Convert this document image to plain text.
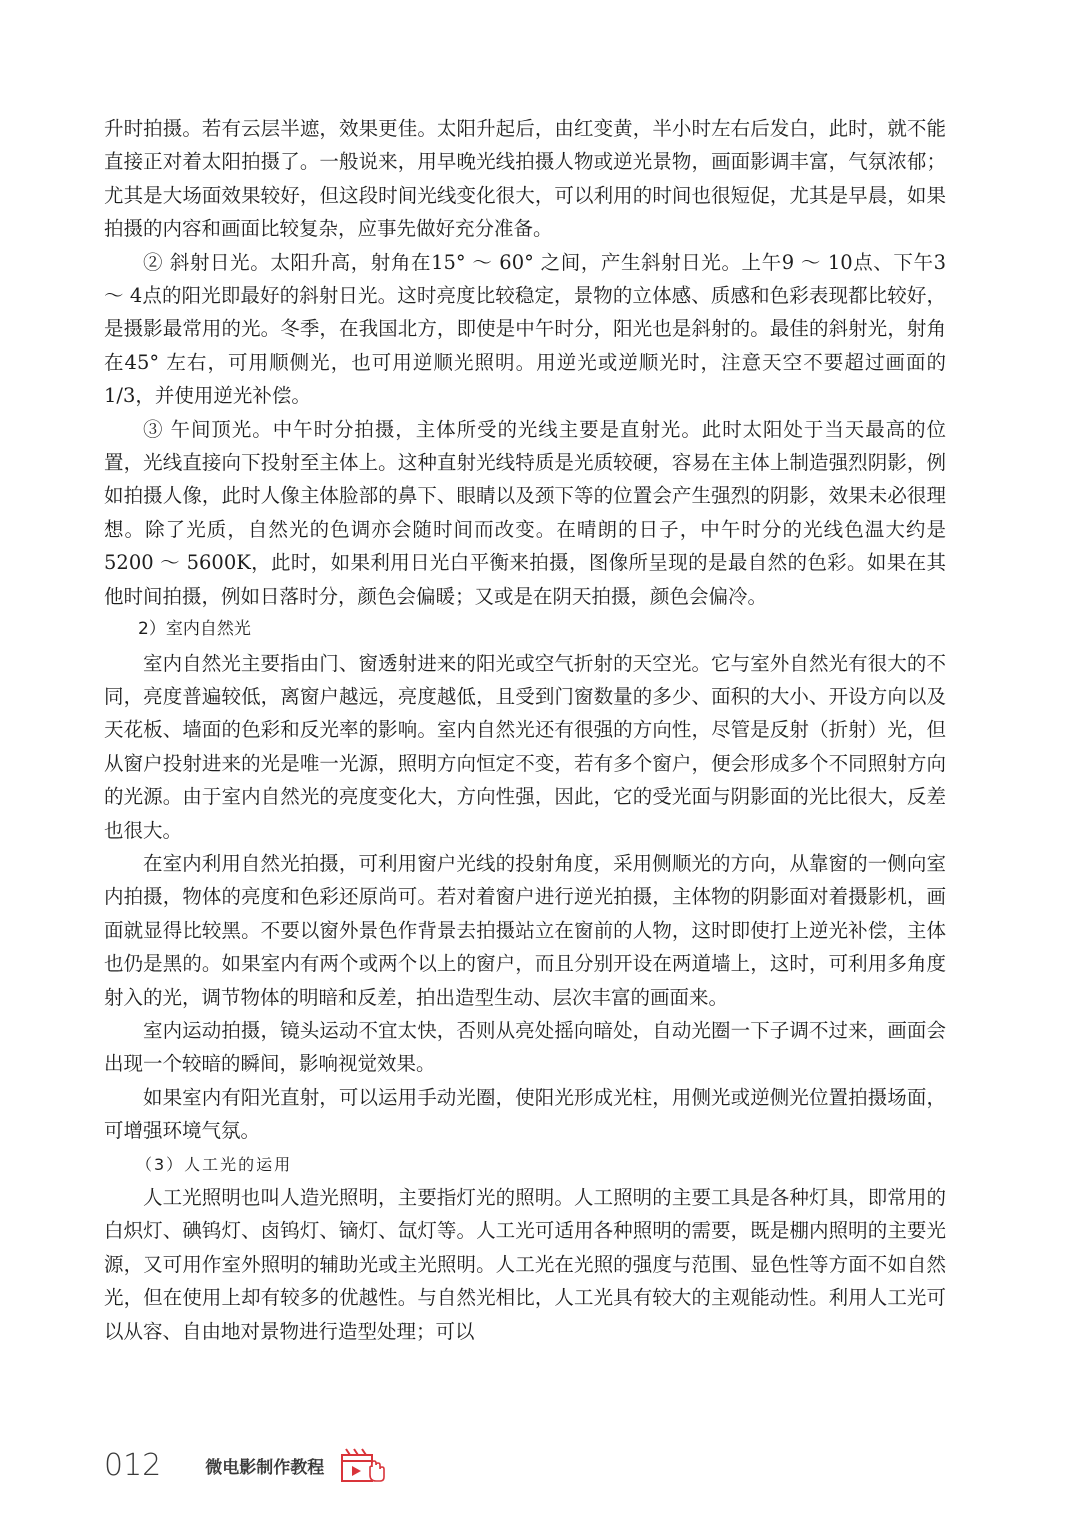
升时拍摄。若有云层半遮，效果更佳。太阳升起后，由红变黄，半小时左右后发白，此时，就不能直接正对着太阳拍摄了。一般说来，用早晚光线拍摄人物或逆光景物，画面影调丰富，气氛浓郁；尤其是大场面效果较好，但这段时间光线变化很大，可以利用的时间也很短促，尤其是早晨，如果拍摄的内容和画面比较复杂，应事先做好充分准备。

② 斜射日光。太阳升高，射角在15° ～ 60° 之间，产生斜射日光。上午9 ～ 10点、下午3 ～ 4点的阳光即最好的斜射日光。这时亮度比较稳定，景物的立体感、质感和色彩表现都比较好，是摄影最常用的光。冬季，在我国北方，即使是中午时分，阳光也是斜射的。最佳的斜射光，射角在45° 左右，可用顺侧光，也可用逆顺光照明。用逆光或逆顺光时，注意天空不要超过画面的1/3，并使用逆光补偿。

③ 午间顶光。中午时分拍摄，主体所受的光线主要是直射光。此时太阳处于当天最高的位置，光线直接向下投射至主体上。这种直射光线特质是光质较硬，容易在主体上制造强烈阴影，例如拍摄人像，此时人像主体脸部的鼻下、眼睛以及颈下等的位置会产生强烈的阴影，效果未必很理想。除了光质，自然光的色调亦会随时间而改变。在晴朗的日子，中午时分的光线色温大约是5200 ～ 5600K，此时，如果利用日光白平衡来拍摄，图像所呈现的是最自然的色彩。如果在其他时间拍摄，例如日落时分，颜色会偏暖；又或是在阴天拍摄，颜色会偏冷。

2）室内自然光

室内自然光主要指由门、窗透射进来的阳光或空气折射的天空光。它与室外自然光有很大的不同，亮度普遍较低，离窗户越远，亮度越低，且受到门窗数量的多少、面积的大小、开设方向以及天花板、墙面的色彩和反光率的影响。室内自然光还有很强的方向性，尽管是反射（折射）光，但从窗户投射进来的光是唯一光源，照明方向恒定不变，若有多个窗户，便会形成多个不同照射方向的光源。由于室内自然光的亮度变化大，方向性强，因此，它的受光面与阴影面的光比很大，反差也很大。

在室内利用自然光拍摄，可利用窗户光线的投射角度，采用侧顺光的方向，从靠窗的一侧向室内拍摄，物体的亮度和色彩还原尚可。若对着窗户进行逆光拍摄，主体物的阴影面对着摄影机，画面就显得比较黑。不要以窗外景色作背景去拍摄站立在窗前的人物，这时即使打上逆光补偿，主体也仍是黑的。如果室内有两个或两个以上的窗户，而且分别开设在两道墙上，这时，可利用多角度射入的光，调节物体的明暗和反差，拍出造型生动、层次丰富的画面来。

室内运动拍摄，镜头运动不宜太快，否则从亮处摇向暗处，自动光圈一下子调不过来，画面会出现一个较暗的瞬间，影响视觉效果。

如果室内有阳光直射，可以运用手动光圈，使阳光形成光柱，用侧光或逆侧光位置拍摄场面，可增强环境气氛。

（3）人工光的运用

人工光照明也叫人造光照明，主要指灯光的照明。人工照明的主要工具是各种灯具，即常用的白炽灯、碘钨灯、卤钨灯、镝灯、氙灯等。人工光可适用各种照明的需要，既是棚内照明的主要光源，又可用作室外照明的辅助光或主光照明。人工光在光照的强度与范围、显色性等方面不如自然光，但在使用上却有较多的优越性。与自然光相比，人工光具有较大的主观能动性。利用人工光可以从容、自由地对景物进行造型处理；可以

012	微电影制作教程
